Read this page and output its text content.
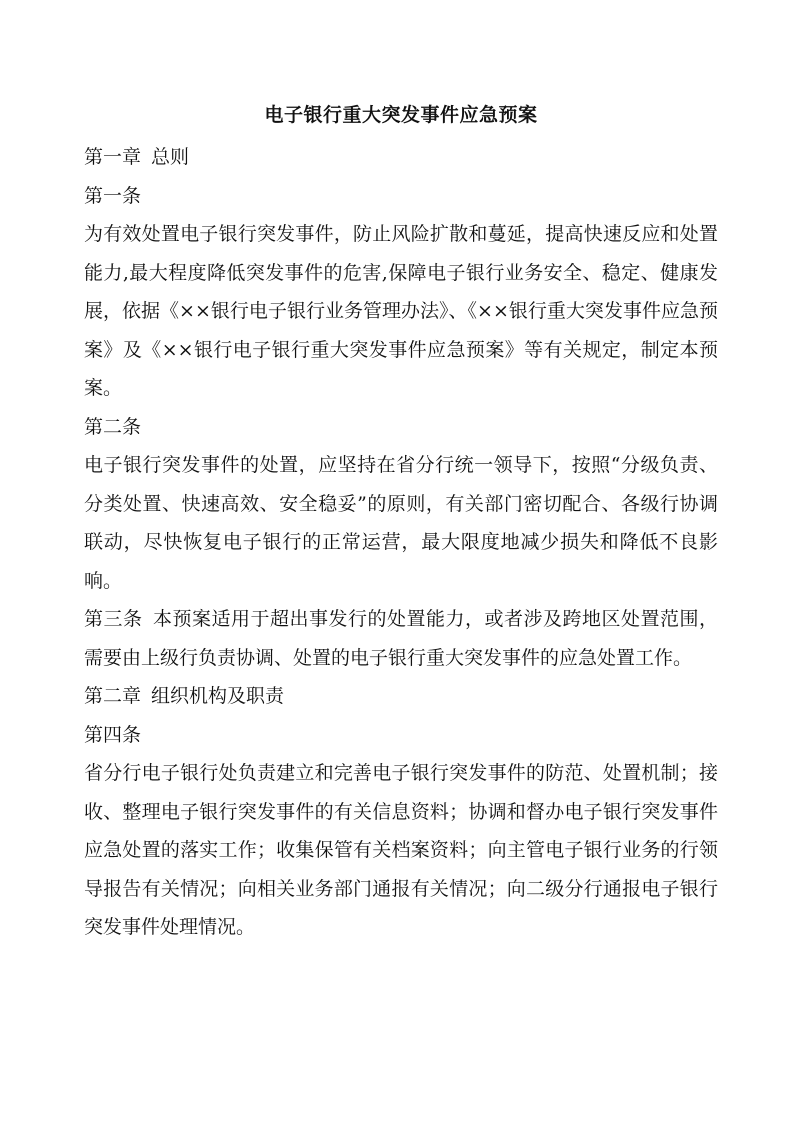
电子银行重大突发事件应急预案

第一章 总则

第一条

为有效处置电子银行突发事件，防止风险扩散和蔓延，提高快速反应和处置能力,最大程度降低突发事件的危害,保障电子银行业务安全、稳定、健康发展，依据《××银行电子银行业务管理办法》、《××银行重大突发事件应急预案》及《××银行电子银行重大突发事件应急预案》等有关规定，制定本预案。

第二条

电子银行突发事件的处置，应坚持在省分行统一领导下，按照“分级负责、分类处置、快速高效、安全稳妥”的原则，有关部门密切配合、各级行协调联动，尽快恢复电子银行的正常运营，最大限度地减少损失和降低不良影响。

第三条 本预案适用于超出事发行的处置能力，或者涉及跨地区处置范围，需要由上级行负责协调、处置的电子银行重大突发事件的应急处置工作。

第二章 组织机构及职责

第四条

省分行电子银行处负责建立和完善电子银行突发事件的防范、处置机制；接收、整理电子银行突发事件的有关信息资料；协调和督办电子银行突发事件应急处置的落实工作；收集保管有关档案资料；向主管电子银行业务的行领导报告有关情况；向相关业务部门通报有关情况；向二级分行通报电子银行突发事件处理情况。
